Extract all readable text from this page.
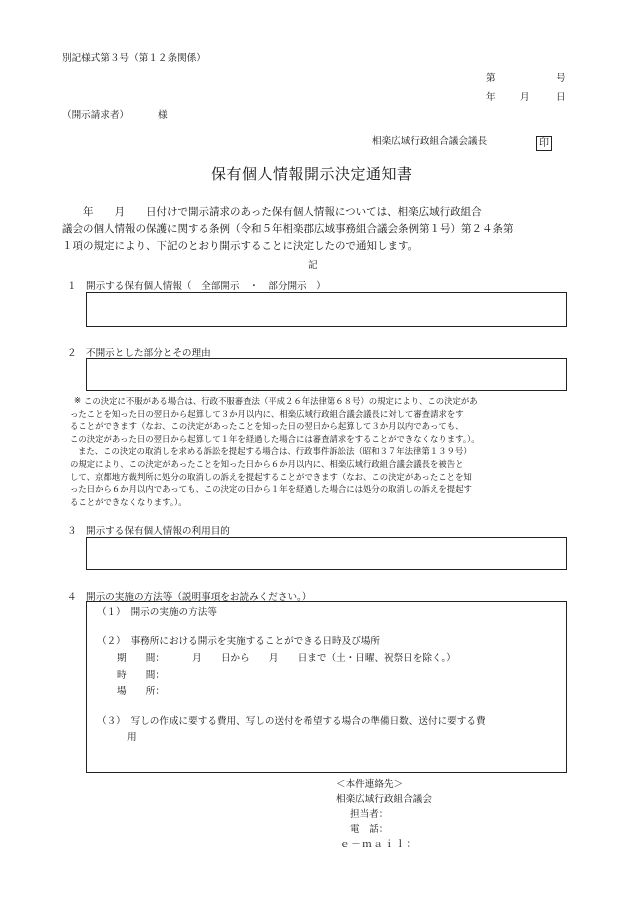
別記様式第３号（第１２条関係）
第	号
年	月	日
（開示請求者）	様
相楽広域行政組合議会議長	印
保有個人情報開示決定通知書

　　年　　月　　日付けで開示請求のあった保有個人情報については、相楽広域行政組合

議会の個人情報の保護に関する条例（令和５年相楽郡広域事務組合議会条例第１号）第２４条第

１項の規定により、下記のとおり開示することに決定したので通知します。

記
１ 開示する保有個人情報（　全部開示　・　部分開示　）
２ 不開示とした部分とその理由
※ この決定に不服がある場合は、行政不服審査法（平成２６年法律第６８号）の規定により、この決定があ

ったことを知った日の翌日から起算して３か月以内に、相楽広域行政組合議会議長に対して審査請求をす

ることができます（なお、この決定があったことを知った日の翌日から起算して３か月以内であっても、

この決定があった日の翌日から起算して１年を経過した場合には審査請求をすることができなくなります。）。

また、この決定の取消しを求める訴訟を提起する場合は、行政事件訴訟法（昭和３７年法律第１３９号）

の規定により、この決定があったことを知った日から６か月以内に、相楽広域行政組合議会議長を被告と

して、京都地方裁判所に処分の取消しの訴えを提起することができます（なお、この決定があったことを知

った日から６か月以内であっても、この決定の日から１年を経過した場合には処分の取消しの訴えを提起す

ることができなくなります。）。

３ 開示する保有個人情報の利用目的
４ 開示の実施の方法等（説明事項をお読みください。）
（１）　開示の実施の方法等
（２）　事務所における開示を実施することができる日時及び場所
期　　間： 　　月　　日から　　月　　日まで（土・日曜、祝祭日を除く。）
時　　間：
場　　所：
（３）　写しの作成に要する費用、写しの送付を希望する場合の準備日数、送付に要する費
用
＜本件連絡先＞
相楽広域行政組合議会
担当者：
電　話：
ｅ－ｍａｉｌ：
